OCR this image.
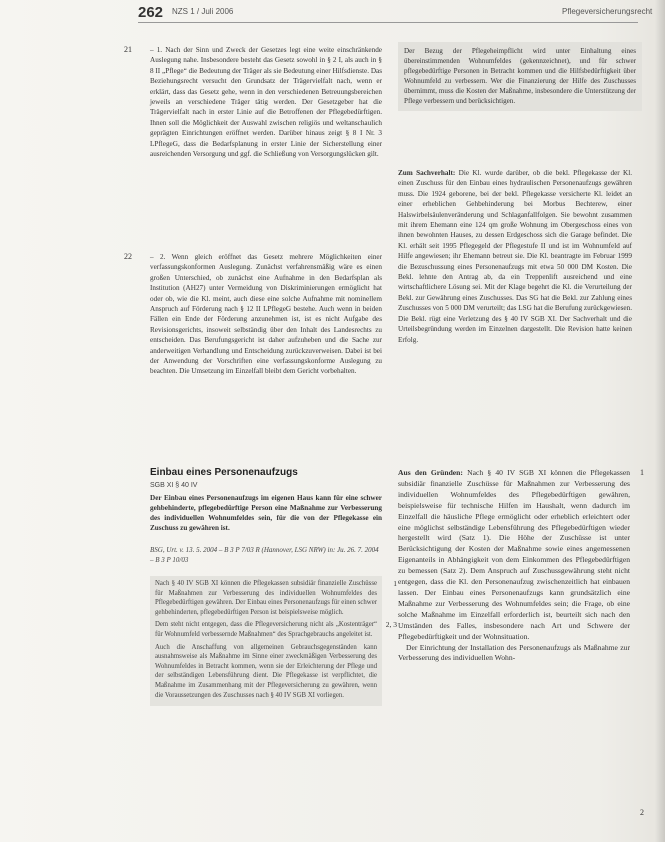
262 NZS 1 / Juli 2006	Pflegeversicherungsrecht
21
22

– 1. Nach der Sinn und Zweck der Gesetzes legt eine weite einschränkende Auslegung nahe. Insbesondere besteht das Gesetz sowohl in § 2 I, als auch in § 8 II „Pflege“ die Bedeutung der Träger als sie Bedeutung einer Hilfsdienste. Das Beziehungsrecht versucht den Grundsatz der Trägervielfalt nach, wenn er erklärt, dass das Gesetz gehe, wenn in den verschiedenen Betreuungsbereichen jeweils an verschiedene Träger tätig werden. Der Gesetzgeber hat die Trägervielfalt nach in erster Linie auf die Betroffenen der Pflegebedürftigen. Ihnen soll die Möglichkeit der Auswahl zwischen religiös und weltanschaulich geprägten Einrichtungen eröffnet werden. Darüber hinaus zeigt § 8 I Nr. 3 LPflegeG, dass die Bedarfsplanung in erster Linie der Sicherstellung einer ausreichenden Versorgung und ggf. die Schließung von Versorgungslücken gilt.

– 2. Wenn gleich eröffnet das Gesetz mehrere Möglichkeiten einer verfassungskonformen Auslegung. Zunächst verfahrensmäßig wäre es einen großen Unterschied, ob zunächst eine Aufnahme in den Bedarfsplan als Institution (AH27) unter Vermeidung von Diskriminierungen ermöglicht hat oder ob, wie die Kl. meint, auch diese eine solche Aufnahme mit nominellem Anspruch auf Förderung nach § 12 II LPflegeG bestehe. Auch wenn in beiden Fällen ein Ende der Förderung anzunehmen ist, ist es nicht Aufgabe des Revisionsgerichts, insoweit selbständig über den Inhalt des Landesrechts zu entscheiden. Das Berufungsgericht ist daher aufzuheben und die Sache zur anderweitigen Verhandlung und Entscheidung zurückzuverweisen. Dabei ist bei der Anwendung der Vorschriften eine verfassungskonforme Auslegung zu beachten. Die Umsetzung im Einzelfall bleibt dem Gericht vorbehalten.

Der Bezug der Pflegeheimpflicht wird unter Einhaltung eines übereinstimmenden Wohnumfeldes (gekennzeichnet), und für schwer pflegebedürftige Personen in Betracht kommen und die Hilfsbedürftigkeit über Wohnumfeld zu verbessern. Wer die Finanzierung der Hilfe des Zuschusses übernimmt, muss die Kosten der Maßnahme, insbesondere die Unterstützung der Pflege verbessern und berücksichtigen.

Zum Sachverhalt: Die Kl. wurde darüber, ob die bekl. Pflegekasse der Kl. einen Zuschuss für den Einbau eines hydraulischen Personenaufzugs gewähren muss. Die 1924 geborene, bei der bekl. Pflegekasse versicherte Kl. leidet an einer erheblichen Gehbehinderung bei Morbus Bechterew, einer Halswirbelsäulenveränderung und Schlaganfallfolgen. Sie bewohnt zusammen mit ihrem Ehemann eine 124 qm große Wohnung im Obergeschoss eines von ihnen bewohnten Hauses, zu dessen Erdgeschoss sich die Garage befindet. Die Kl. erhält seit 1995 Pflegegeld der Pflegestufe II und ist im Wohnumfeld auf Hilfe angewiesen; ihr Ehemann betreut sie. Die Kl. beantragte im Februar 1999 die Bezuschussung eines Personenaufzugs mit etwa 50 000 DM Kosten. Die Bekl. lehnte den Antrag ab, da ein Treppenlift ausreichend und eine wirtschaftlichere Lösung sei. Mit der Klage begehrt die Kl. die Verurteilung der Bekl. zur Gewährung eines Zuschusses. Das SG hat die Bekl. zur Zahlung eines Zuschusses von 5 000 DM verurteilt; das LSG hat die Berufung zurückgewiesen. Die Bekl. rügt eine Verletzung des § 40 IV SGB XI. Der Sachverhalt und die Urteilsbegründung werden im Einzelnen dargestellt. Die Revision hatte keinen Erfolg.

1
2

Aus den Gründen: Nach § 40 IV SGB XI können die Pflegekassen subsidiär finanzielle Zuschüsse für Maßnahmen zur Verbesserung des individuellen Wohnumfeldes des Pflegebedürftigen gewähren, beispielsweise für technische Hilfen im Haushalt, wenn dadurch im Einzelfall die häusliche Pflege ermöglicht oder erheblich erleichtert oder eine möglichst selbständige Lebensführung des Pflegebedürftigen wieder hergestellt wird (Satz 1). Die Höhe der Zuschüsse ist unter Berücksichtigung der Kosten der Maßnahme sowie eines angemessenen Eigenanteils in Abhängigkeit von dem Einkommen des Pflegebedürftigen zu bemessen (Satz 2). Dem Anspruch auf Zuschussgewährung steht nicht entgegen, dass die Kl. den Personenaufzug zwischenzeitlich hat einbauen lassen. Der Einbau eines Personenaufzugs kann grundsätzlich eine Maßnahme zur Verbesserung des Wohnumfeldes sein; die Frage, ob eine solche Maßnahme im Einzelfall erforderlich ist, beurteilt sich nach den Umständen des Falles, insbesondere nach Art und Schwere der Pflegebedürftigkeit und der Wohnsituation.

Der Einrichtung der Installation des Personenaufzugs als Maßnahme zur Verbesserung des individuellen Wohn-

Einbau eines Personenaufzugs
SGB XI § 40 IV
Der Einbau eines Personenaufzugs im eigenen Haus kann für eine schwer gehbehinderte, pflegebedürftige Person eine Maßnahme zur Verbesserung des individuellen Wohnumfeldes sein, für die von der Pflegekasse ein Zuschuss zu gewähren ist.
BSG, Urt. v. 13. 5. 2004 – B 3 P 7/03 R (Hannover, LSG NRW) in: Ju. 26. 7. 2004 – B 3 P 10/03

Nach § 40 IV SGB XI können die Pflegekassen subsidiär finanzielle Zuschüsse für Maßnahmen zur Verbesserung des individuellen Wohnumfeldes des Pflegebedürftigen gewähren. Der Einbau eines Personenaufzugs für einen schwer gehbehinderten, pflegebedürftigen Person ist beispielsweise möglich.
1

Dem steht nicht entgegen, dass die Pflegeversicherung nicht als „Kostenträger“ für Wohnumfeld verbessernde Maßnahmen“ des Sprachgebrauchs angeleitet ist.
2, 3

Auch die Anschaffung von allgemeinen Gebrauchsgegenständen kann ausnahmsweise als Maßnahme im Sinne einer zweckmäßigen Verbesserung des Wohnumfeldes in Betracht kommen, wenn sie der Erleichterung der Pflege und der selbständigen Lebensführung dient. Die Pflegekasse ist verpflichtet, die Maßnahme im Zusammenhang mit der Pflegeversicherung zu gewähren, wenn die Voraussetzungen des Zuschusses nach § 40 IV SGB XI vorliegen.
